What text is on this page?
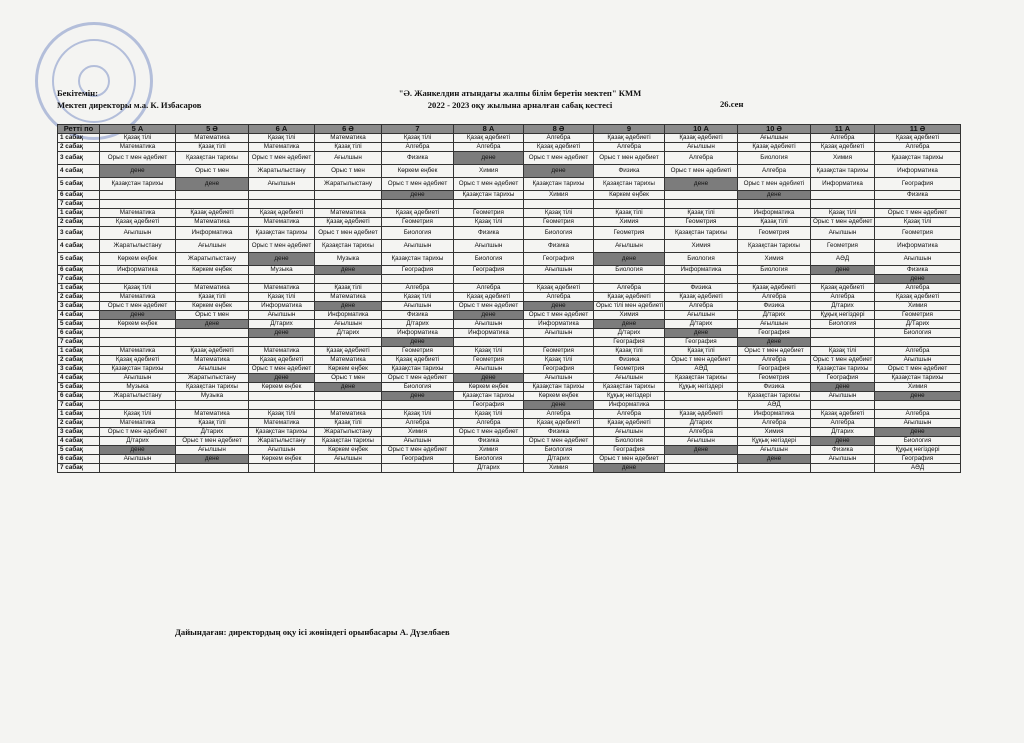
Бекітемін:
Мектеп директоры м.а. К. Избасаров
"Ә. Жанкелдин атындағы жалпы білім беретін мектеп" КММ
2022 - 2023 оқу жылына арналған сабақ кестесі	26.сен
Ретті по	5 А	5 Ә	6 А	6 Ә	7	8 А	8 Ә	9	10 А	10 Ә	11 А	11 Ә
1 сабақ	Қазақ тілі	Математика	Қазақ тілі	Математика	Қазақ тілі	Қазақ әдебиеті	Алгебра	Қазақ әдебиеті	Қазақ әдебиеті	Ағылшын	Алгебра	Қазақ әдебиеті
2 сабақ	Математика	Қазақ тілі	Математика	Қазақ тілі	Алгебра	Алгебра	Қазақ әдебиеті	Алгебра	Ағылшын	Қазақ әдебиеті	Қазақ әдебиеті	Алгебра
3 сабақ	Орыс т мен әдебиет	Қазақстан тарихы	Орыс т мен әдебиет	Ағылшын	Физика	дене	Орыс т мен әдебиет	Орыс т мен әдебиет	Алгебра	Биология	Химия	Қазақстан тарихы
4 сабақ	дене	Орыс т мен	Жаратылыстану	Орыс т мен	Көркем еңбек	Химия	дене	Физика	Орыс т мен әдебиеті	Алгебра	Қазақстан тарихы	Информатика
5 сабақ	Қазақстан тарихы	дене	Ағылшын	Жаратылыстану	Орыс т мен әдебиет	Орыс т мен әдебиет	Қазақстан тарихы	Қазақстан тарихы	дене	Орыс т мен әдебиеті	Информатика	География
6 сабақ					дене	Қазақстан тарихы	Химия	Көркем еңбек		дене		Физика
7 сабақ												
1 сабақ	Математика	Қазақ әдебиеті	Қазақ әдебиеті	Математика	Қазақ әдебиеті	Геометрия	Қазақ тілі	Қазақ тілі	Қазақ тілі	Информатика	Қазақ тілі	Орыс т мен әдебиет
2 сабақ	Қазақ әдебиеті	Математика	Математика	Қазақ әдебиеті	Геометрия	Қазақ тілі	Геометрия	Химия	Геометрия	Қазақ тілі	Орыс т мен әдебиет	Қазақ тілі
3 сабақ	Ағылшын	Информатика	Қазақстан тарихы	Орыс т мен әдебиет	Биология	Физика	Биология	Геометрия	Қазақстан тарихы	Геометрия	Ағылшын	Геометрия
4 сабақ	Жаратылыстану	Ағылшын	Орыс т мен әдебиет	Қазақстан тарихы	Ағылшын	Ағылшын	Физика	Ағылшын	Химия	Қазақстан тарихы	Геометрия	Информатика
5 сабақ	Көркем еңбек	Жаратылыстану	дене	Музыка	Қазақстан тарихы	Биология	География	дене	Биология	Химия	АӘД	Ағылшын
6 сабақ	Информатика	Көркем еңбек	Музыка	дене	География	География	Ағылшын	Биология	Информатика	Биология	дене	Физика
7 сабақ												дене
1 сабақ	Қазақ тілі	Математика	Математика	Қазақ тілі	Алгебра	Алгебра	Қазақ әдебиеті	Алгебра	Физика	Қазақ әдебиеті	Қазақ әдебиеті	Алгебра
2 сабақ	Математика	Қазақ тілі	Қазақ тілі	Математика	Қазақ тілі	Қазақ әдебиеті	Алгебра	Қазақ әдебиеті	Қазақ әдебиеті	Алгебра	Алгебра	Қазақ әдебиеті
3 сабақ	Орыс т мен әдебиет	Көркем еңбек	Информатика	дене	Ағылшын	Орыс т мен әдебиет	дене	Орыс тілі мен әдебиеті	Алгебра	Физика	Д/тарих	Химия
4 сабақ	дене	Орыс т мен	Ағылшын	Информатика	Физика	дене	Орыс т мен әдебиет	Химия	Ағылшын	Д/тарих	Құқық негіздері	Геометрия
5 сабақ	Көркем еңбек	дене	Д/тарих	Ағылшын	Д/тарих	Ағылшын	Информатика	дене	Д/тарих	Ағылшын	Биология	Д/Тарих
6 сабақ			дене	Д/тарих	Информатика	Информатика	Ағылшын	Д/тарих	дене	География		Биология
7 сабақ					дене			География	География	дене		
1 сабақ	Математика	Қазақ әдебиеті	Математика	Қазақ әдебиеті	Геометрия	Қазақ тілі	Геометрия	Қазақ тілі	Қазақ тілі	Орыс т мен әдебиет	Қазақ тілі	Алгебра
2 сабақ	Қазақ әдебиеті	Математика	Қазақ әдебиеті	Математика	Қазақ әдебиеті	Геометрия	Қазақ тілі	Физика	Орыс т мен әдебиет	Алгебра	Орыс т мен әдебиет	Ағылшын
3 сабақ	Қазақстан тарихы	Ағылшын	Орыс т мен әдебиет	Көркем еңбек	Қазақстан тарихы	Ағылшын	География	Геометрия	АӘД	География	Қазақстан тарихы	Орыс т мен әдебиет
4 сабақ	Ағылшын	Жаратылыстану	дене	Орыс т мен	Орыс т мен әдебиет	дене	Ағылшын	Ағылшын	Қазақстан тарихы	Геометрия	География	Қазақстан тарихы
5 сабақ	Музыка	Қазақстан тарихы	Көркем еңбек	дене	Биология	Көркем еңбек	Қазақстан тарихы	Қазақстан тарихы	Құқық негіздері	Физика	дене	Химия
6 сабақ	Жаратылыстану	Музыка			дене	Қазақстан тарихы	Көркем еңбек	Құқық негіздері		Қазақстан тарихы	Ағылшын	дене
7 сабақ						География	дене	Информатика		АӘД		
1 сабақ	Қазақ тілі	Математика	Қазақ тілі	Математика	Қазақ тілі	Қазақ тілі	Алгебра	Алгебра	Қазақ әдебиеті	Информатика	Қазақ әдебиеті	Алгебра
2 сабақ	Математика	Қазақ тілі	Математика	Қазақ тілі	Алгебра	Алгебра	Қазақ әдебиеті	Қазақ әдебиеті	Д/тарих	Алгебра	Алгебра	Ағылшын
3 сабақ	Орыс т мен әдебиет	Д/тарих	Қазақстан тарихы	Жаратылыстану	Химия	Орыс т мен әдебиет	Физика	Ағылшын	Алгебра	Химия	Д/тарих	дене
4 сабақ	Д/тарих	Орыс т мен әдебиет	Жаратылыстану	Қазақстан тарихы	Ағылшын	Физика	Орыс т мен әдебиет	Биология	Ағылшын	Құқық негіздері	дене	Биология
5 сабақ	дене	Ағылшын	Ағылшын	Көркем еңбек	Орыс т мен әдебиет	Химия	Биология	География	дене	Ағылшын	Физика	Құқық негіздері
6 сабақ	Ағылшын	дене	Көркем еңбек	Ағылшын	География	Биология	Д/тарих	Орыс т мен әдебиет		дене	Ағылшын	География
7 сабақ						Д/тарих	Химия	дене				АӘД
Дайындаған: директордың оқу ісі жөніндегі орынбасары А. Дүзелбаев
